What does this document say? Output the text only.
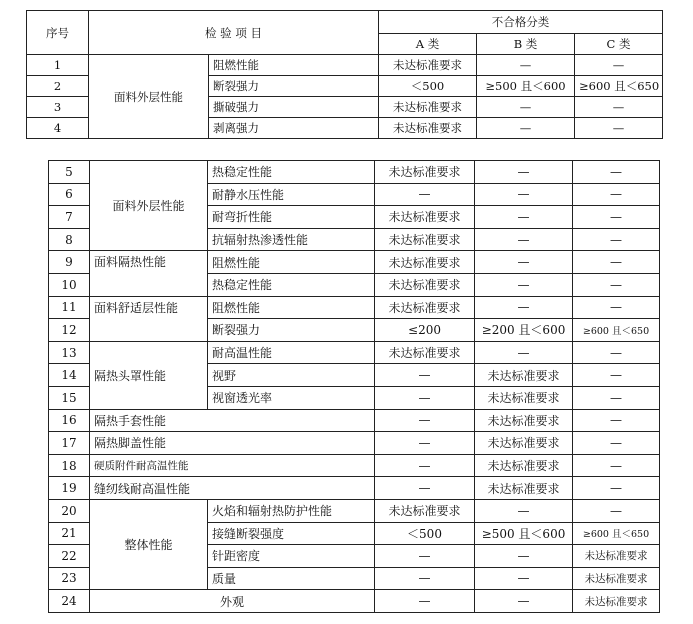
序号	检 验 项 目		不合格分类		
			A 类	B 类	C 类
1	面料外层性能	阻燃性能	未达标准要求	—	—
2		断裂强力	＜500	≥500 且＜600	≥600 且＜650
3		撕破强力	未达标准要求	—	—
4		剥离强力	未达标准要求	—	—
5	面料外层性能	热稳定性能	未达标准要求	—	—
6		耐静水压性能	—	—	—
7		耐弯折性能	未达标准要求	—	—
8		抗辐射热渗透性能	未达标准要求	—	—
9	面料隔热性能	阻燃性能	未达标准要求	—	—
10		热稳定性能	未达标准要求	—	—
11	面料舒适层性能	阻燃性能	未达标准要求	—	—
12		断裂强力	≤200	≥200 且＜600	≥600 且＜650
13	隔热头罩性能	耐高温性能	未达标准要求	—	—
14		视野	—	未达标准要求	—
15		视窗透光率	—	未达标准要求	—
16	隔热手套性能		—	未达标准要求	—
17	隔热脚盖性能		—	未达标准要求	—
18	硬质附件耐高温性能		—	未达标准要求	—
19	缝纫线耐高温性能		—	未达标准要求	—
20	整体性能	火焰和辐射热防护性能	未达标准要求	—	—
21		接缝断裂强度	＜500	≥500 且＜600	≥600 且＜650
22		针距密度	—	—	未达标准要求
23		质量	—	—	未达标准要求
24	外观		—	—	未达标准要求
